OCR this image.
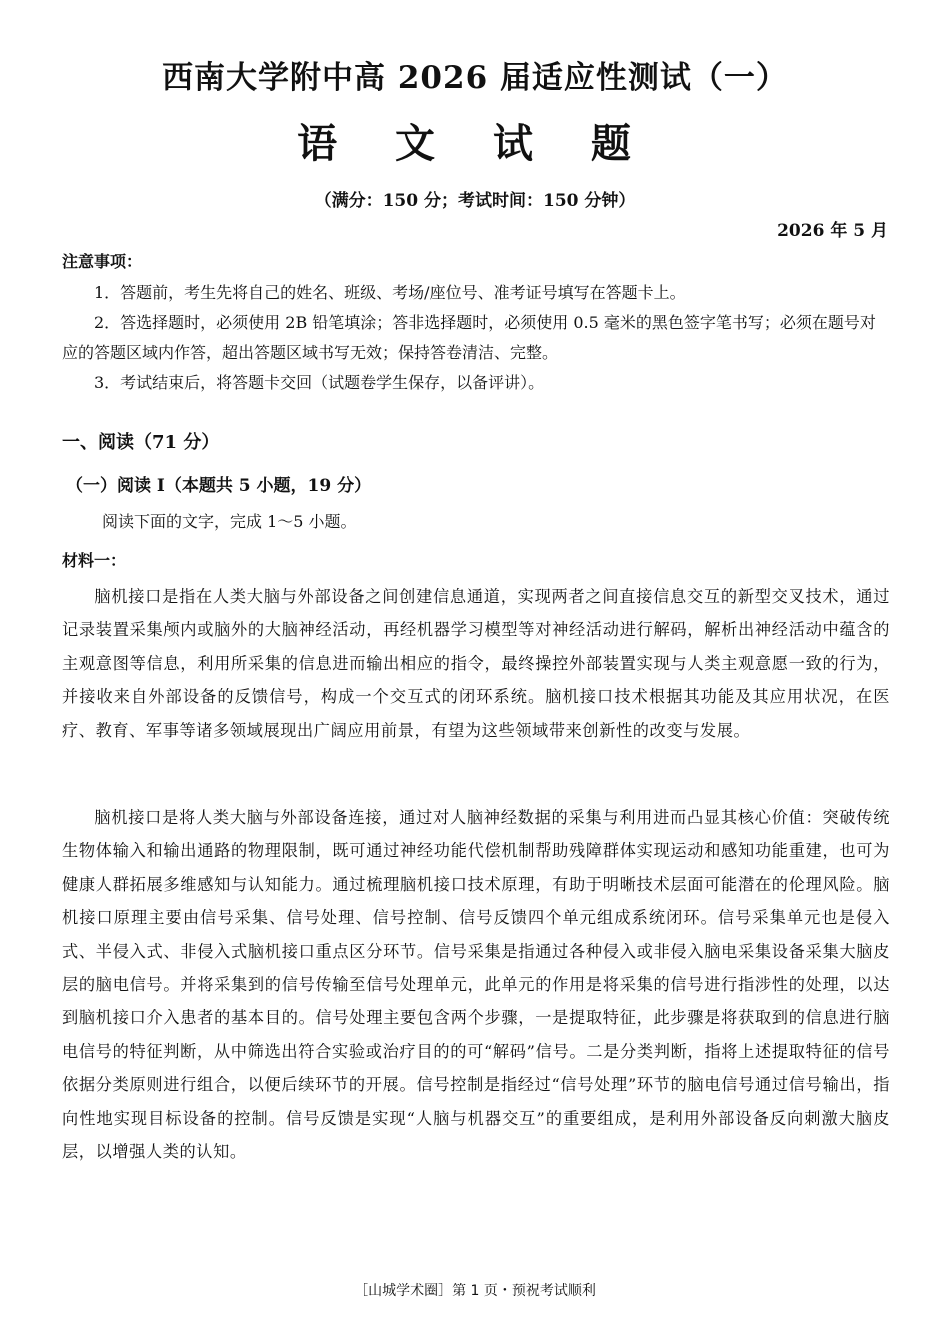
西南大学附中高 2026 届适应性测试（一）
语 文 试 题
（满分：150 分；考试时间：150 分钟）
2026 年 5 月
注意事项：
1．答题前，考生先将自己的姓名、班级、考场/座位号、准考证号填写在答题卡上。
2．答选择题时，必须使用 2B 铅笔填涂；答非选择题时，必须使用 0.5 毫米的黑色签字笔书写；必须在题号对应的答题区域内作答，超出答题区域书写无效；保持答卷清洁、完整。
3．考试结束后，将答题卡交回（试题卷学生保存，以备评讲）。
一、阅读（71 分）
（一）阅读 I（本题共 5 小题，19 分）
阅读下面的文字，完成 1～5 小题。
材料一：
脑机接口是指在人类大脑与外部设备之间创建信息通道，实现两者之间直接信息交互的新型交叉技术，通过记录装置采集颅内或脑外的大脑神经活动，再经机器学习模型等对神经活动进行解码，解析出神经活动中蕴含的主观意图等信息，利用所采集的信息进而输出相应的指令，最终操控外部装置实现与人类主观意愿一致的行为，并接收来自外部设备的反馈信号，构成一个交互式的闭环系统。脑机接口技术根据其功能及其应用状况，在医疗、教育、军事等诸多领域展现出广阔应用前景，有望为这些领域带来创新性的改变与发展。
脑机接口是将人类大脑与外部设备连接，通过对人脑神经数据的采集与利用进而凸显其核心价值：突破传统生物体输入和输出通路的物理限制，既可通过神经功能代偿机制帮助残障群体实现运动和感知功能重建，也可为健康人群拓展多维感知与认知能力。通过梳理脑机接口技术原理，有助于明晰技术层面可能潜在的伦理风险。脑机接口原理主要由信号采集、信号处理、信号控制、信号反馈四个单元组成系统闭环。信号采集单元也是侵入式、半侵入式、非侵入式脑机接口重点区分环节。信号采集是指通过各种侵入或非侵入脑电采集设备采集大脑皮层的脑电信号。并将采集到的信号传输至信号处理单元，此单元的作用是将采集的信号进行指涉性的处理，以达到脑机接口介入患者的基本目的。信号处理主要包含两个步骤，一是提取特征，此步骤是将获取到的信息进行脑电信号的特征判断，从中筛选出符合实验或治疗目的的可“解码”信号。二是分类判断，指将上述提取特征的信号依据分类原则进行组合，以便后续环节的开展。信号控制是指经过“信号处理”环节的脑电信号通过信号输出，指向性地实现目标设备的控制。信号反馈是实现“人脑与机器交互”的重要组成，是利用外部设备反向刺激大脑皮层，以增强人类的认知。
［山城学术圈］第 1 页・预祝考试顺利
